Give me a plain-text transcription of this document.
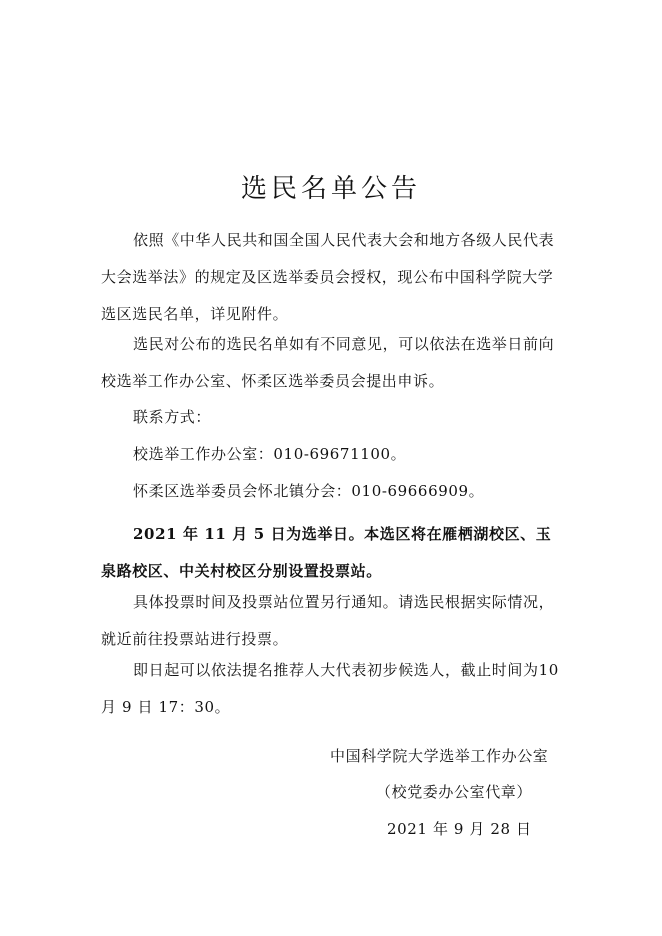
选民名单公告
依照《中华人民共和国全国人民代表大会和地方各级人民代表大会选举法》的规定及区选举委员会授权，现公布中国科学院大学选区选民名单，详见附件。
选民对公布的选民名单如有不同意见，可以依法在选举日前向校选举工作办公室、怀柔区选举委员会提出申诉。
联系方式：
校选举工作办公室：010-69671100。
怀柔区选举委员会怀北镇分会：010-69666909。
2021 年 11 月 5 日为选举日。本选区将在雁栖湖校区、玉泉路校区、中关村校区分别设置投票站。
具体投票时间及投票站位置另行通知。请选民根据实际情况，就近前往投票站进行投票。
即日起可以依法提名推荐人大代表初步候选人，截止时间为10 月 9 日 17：30。
中国科学院大学选举工作办公室
（校党委办公室代章）
2021 年 9 月 28 日
